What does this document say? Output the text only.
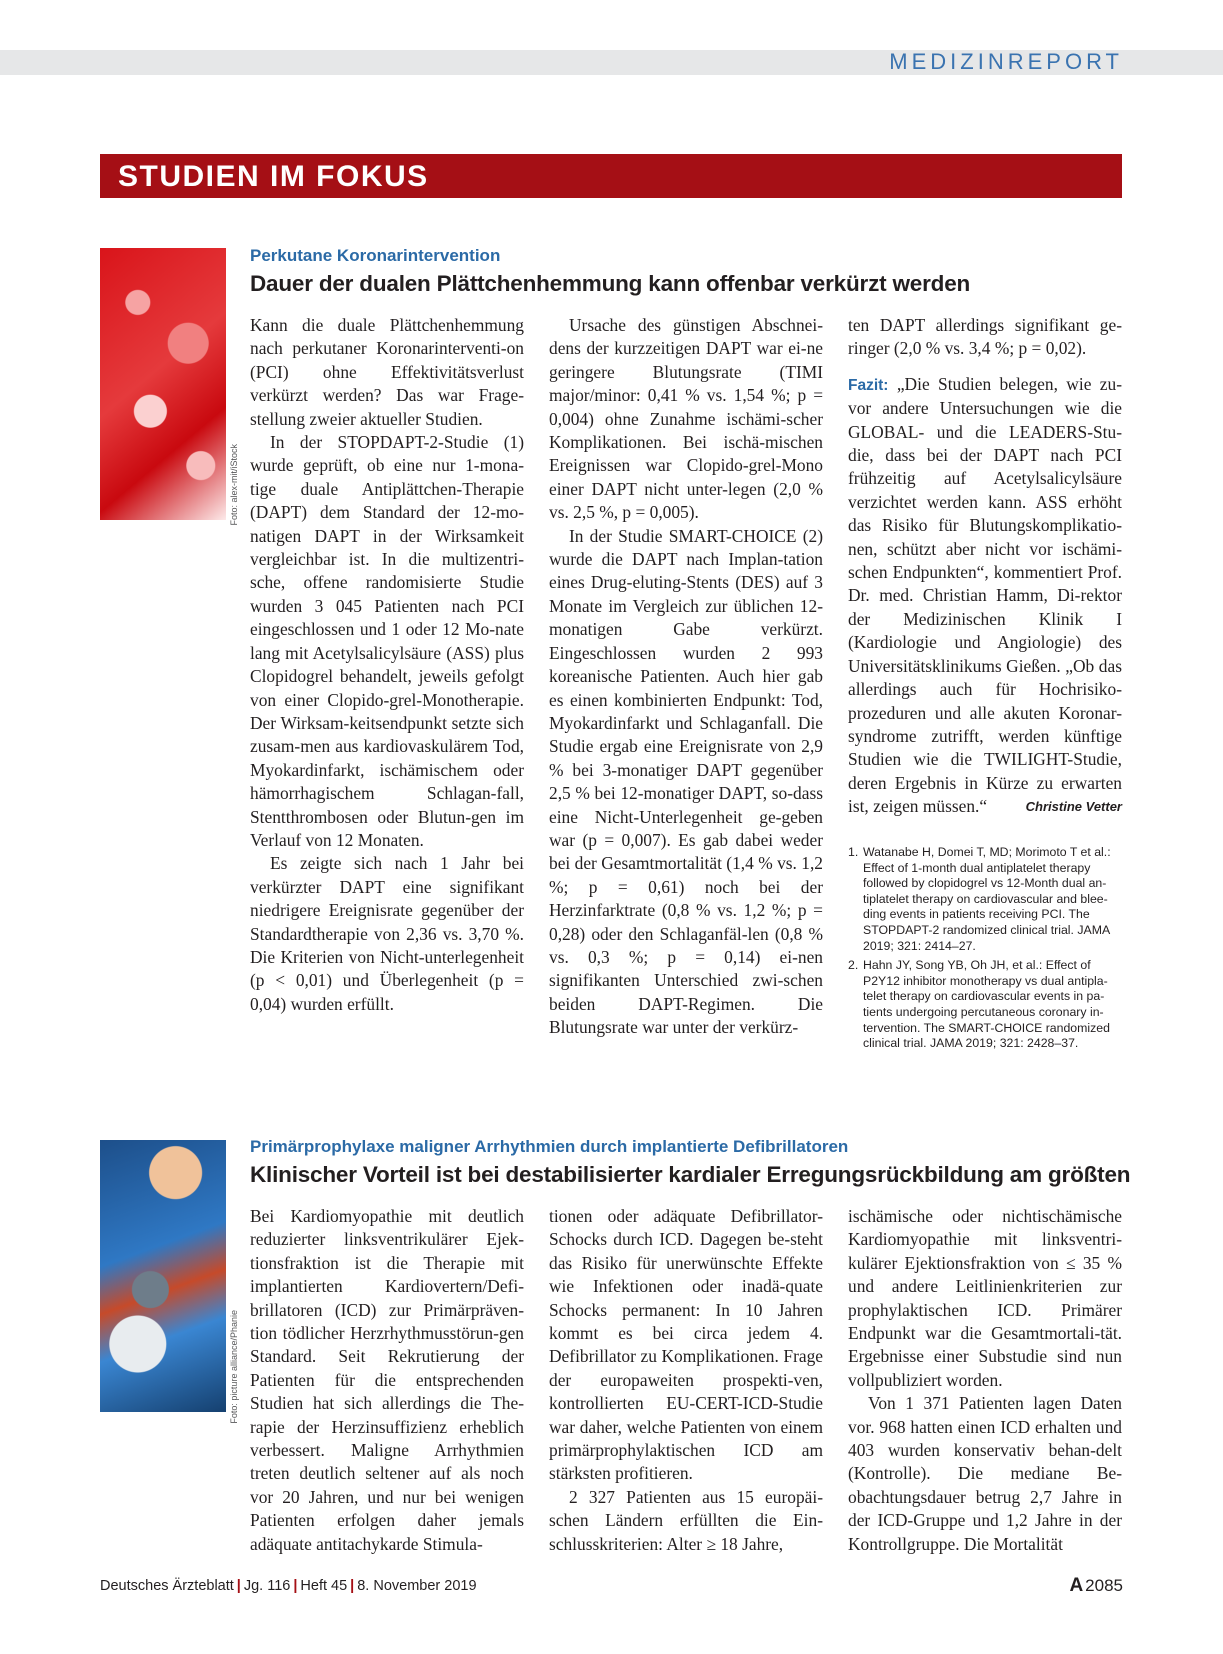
MEDIZINREPORT
STUDIEN IM FOKUS
Foto: alex-mit/iStock
Perkutane Koronarintervention
Dauer der dualen Plättchenhemmung kann offenbar verkürzt werden

Kann die duale Plättchenhemmung nach perkutaner Koronarinterventi-on (PCI) ohne Effektivitätsverlust verkürzt werden? Das war Frage-stellung zweier aktueller Studien.

In der STOPDAPT-2-Studie (1) wurde geprüft, ob eine nur 1-mona-tige duale Antiplättchen-Therapie (DAPT) dem Standard der 12-mo-natigen DAPT in der Wirksamkeit vergleichbar ist. In die multizentri-sche, offene randomisierte Studie wurden 3 045 Patienten nach PCI eingeschlossen und 1 oder 12 Mo-nate lang mit Acetylsalicylsäure (ASS) plus Clopidogrel behandelt, jeweils gefolgt von einer Clopido-grel-Monotherapie. Der Wirksam-keitsendpunkt setzte sich zusam-men aus kardiovaskulärem Tod, Myokardinfarkt, ischämischem oder hämorrhagischem Schlagan-fall, Stentthrombosen oder Blutun-gen im Verlauf von 12 Monaten.

Es zeigte sich nach 1 Jahr bei verkürzter DAPT eine signifikant niedrigere Ereignisrate gegenüber der Standardtherapie von 2,36 vs. 3,70 %. Die Kriterien von Nicht-unterlegenheit (p < 0,01) und Überlegenheit (p = 0,04) wurden erfüllt.

Ursache des günstigen Abschnei-dens der kurzzeitigen DAPT war ei-ne geringere Blutungsrate (TIMI major/minor: 0,41 % vs. 1,54 %; p = 0,004) ohne Zunahme ischämi-scher Komplikationen. Bei ischä-mischen Ereignissen war Clopido-grel-Mono einer DAPT nicht unter-legen (2,0 % vs. 2,5 %, p = 0,005).

In der Studie SMART-CHOICE (2) wurde die DAPT nach Implan-tation eines Drug-eluting-Stents (DES) auf 3 Monate im Vergleich zur üblichen 12-monatigen Gabe verkürzt. Eingeschlossen wurden 2 993 koreanische Patienten. Auch hier gab es einen kombinierten Endpunkt: Tod, Myokardinfarkt und Schlaganfall. Die Studie ergab eine Ereignisrate von 2,9 % bei 3-monatiger DAPT gegenüber 2,5 % bei 12-monatiger DAPT, so-dass eine Nicht-Unterlegenheit ge-geben war (p = 0,007). Es gab dabei weder bei der Gesamtmortalität (1,4 % vs. 1,2 %; p = 0,61) noch bei der Herzinfarktrate (0,8 % vs. 1,2 %; p = 0,28) oder den Schlaganfäl-len (0,8 % vs. 0,3 %; p = 0,14) ei-nen signifikanten Unterschied zwi-schen beiden DAPT-Regimen. Die Blutungsrate war unter der verkürz-

ten DAPT allerdings signifikant ge-ringer (2,0 % vs. 3,4 %; p = 0,02).

Fazit: „Die Studien belegen, wie zu-vor andere Untersuchungen wie die GLOBAL- und die LEADERS-Stu-die, dass bei der DAPT nach PCI frühzeitig auf Acetylsalicylsäure verzichtet werden kann. ASS erhöht das Risiko für Blutungskomplikatio-nen, schützt aber nicht vor ischämi-schen Endpunkten“, kommentiert Prof. Dr. med. Christian Hamm, Di-rektor der Medizinischen Klinik I (Kardiologie und Angiologie) des Universitätsklinikums Gießen. „Ob das allerdings auch für Hochrisiko-prozeduren und alle akuten Koronar-syndrome zutrifft, werden künftige Studien wie die TWILIGHT-Studie, deren Ergebnis in Kürze zu erwarten ist, zeigen müssen.“	Christine Vetter

1. Watanabe H, Domei T, MD; Morimoto T et al.: Effect of 1-month dual antiplatelet therapy followed by clopidogrel vs 12-Month dual an-tiplatelet therapy on cardiovascular and blee-ding events in patients receiving PCI. The STOPDAPT-2 randomized clinical trial. JAMA 2019; 321: 2414–27.
2. Hahn JY, Song YB, Oh JH, et al.: Effect of P2Y12 inhibitor monotherapy vs dual antipla-telet therapy on cardiovascular events in pa-tients undergoing percutaneous coronary in-tervention. The SMART-CHOICE randomized clinical trial. JAMA 2019; 321: 2428–37.
Foto: picture alliance/Phanie
Primärprophylaxe maligner Arrhythmien durch implantierte Defibrillatoren
Klinischer Vorteil ist bei destabilisierter kardialer Erregungsrückbildung am größten

Bei Kardiomyopathie mit deutlich reduzierter linksventrikulärer Ejek-tionsfraktion ist die Therapie mit implantierten Kardiovertern/Defi-brillatoren (ICD) zur Primärpräven-tion tödlicher Herzrhythmusstörun-gen Standard. Seit Rekrutierung der Patienten für die entsprechenden Studien hat sich allerdings die The-rapie der Herzinsuffizienz erheblich verbessert. Maligne Arrhythmien treten deutlich seltener auf als noch vor 20 Jahren, und nur bei wenigen Patienten erfolgen daher jemals adäquate antitachykarde Stimula-

tionen oder adäquate Defibrillator-Schocks durch ICD. Dagegen be-steht das Risiko für unerwünschte Effekte wie Infektionen oder inadä-quate Schocks permanent: In 10 Jahren kommt es bei circa jedem 4. Defibrillator zu Komplikationen. Frage der europaweiten prospekti-ven, kontrollierten EU-CERT-ICD-Studie war daher, welche Patienten von einem primärprophylaktischen ICD am stärksten profitieren.

2 327 Patienten aus 15 europäi-schen Ländern erfüllten die Ein-schlusskriterien: Alter ≥ 18 Jahre,

ischämische oder nichtischämische Kardiomyopathie mit linksventri-kulärer Ejektionsfraktion von ≤ 35 % und andere Leitlinienkriterien zur prophylaktischen ICD. Primärer Endpunkt war die Gesamtmortali-tät. Ergebnisse einer Substudie sind nun vollpubliziert worden.

Von 1 371 Patienten lagen Daten vor. 968 hatten einen ICD erhalten und 403 wurden konservativ behan-delt (Kontrolle). Die mediane Be-obachtungsdauer betrug 2,7 Jahre in der ICD-Gruppe und 1,2 Jahre in der Kontrollgruppe. Die Mortalität

Deutsches Ärzteblatt | Jg. 116 | Heft 45 | 8. November 2019	A 2085
